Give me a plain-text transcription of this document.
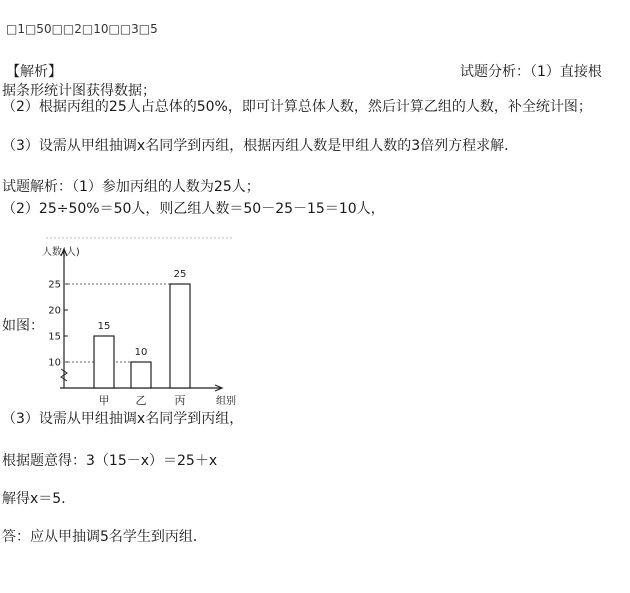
□1□50□□2□10□□3□5
【解析】	试题分析：（1）直接根
据条形统计图获得数据；
（2）根据丙组的25人占总体的50%，即可计算总体人数，然后计算乙组的人数，补全统计图；
（3）设需从甲组抽调x名同学到丙组，根据丙组人数是甲组人数的3倍列方程求解．
试题解析：（1）参加丙组的人数为25人；
（2）25÷50%＝50人，则乙组人数＝50－25－15＝10人，
如图：
人数(人)
组别
10
15
20
25
15
甲
10
乙
25
丙
（3）设需从甲组抽调x名同学到丙组，
根据题意得：3（15－x）＝25＋x
解得x＝5．
答：应从甲抽调5名学生到丙组．
